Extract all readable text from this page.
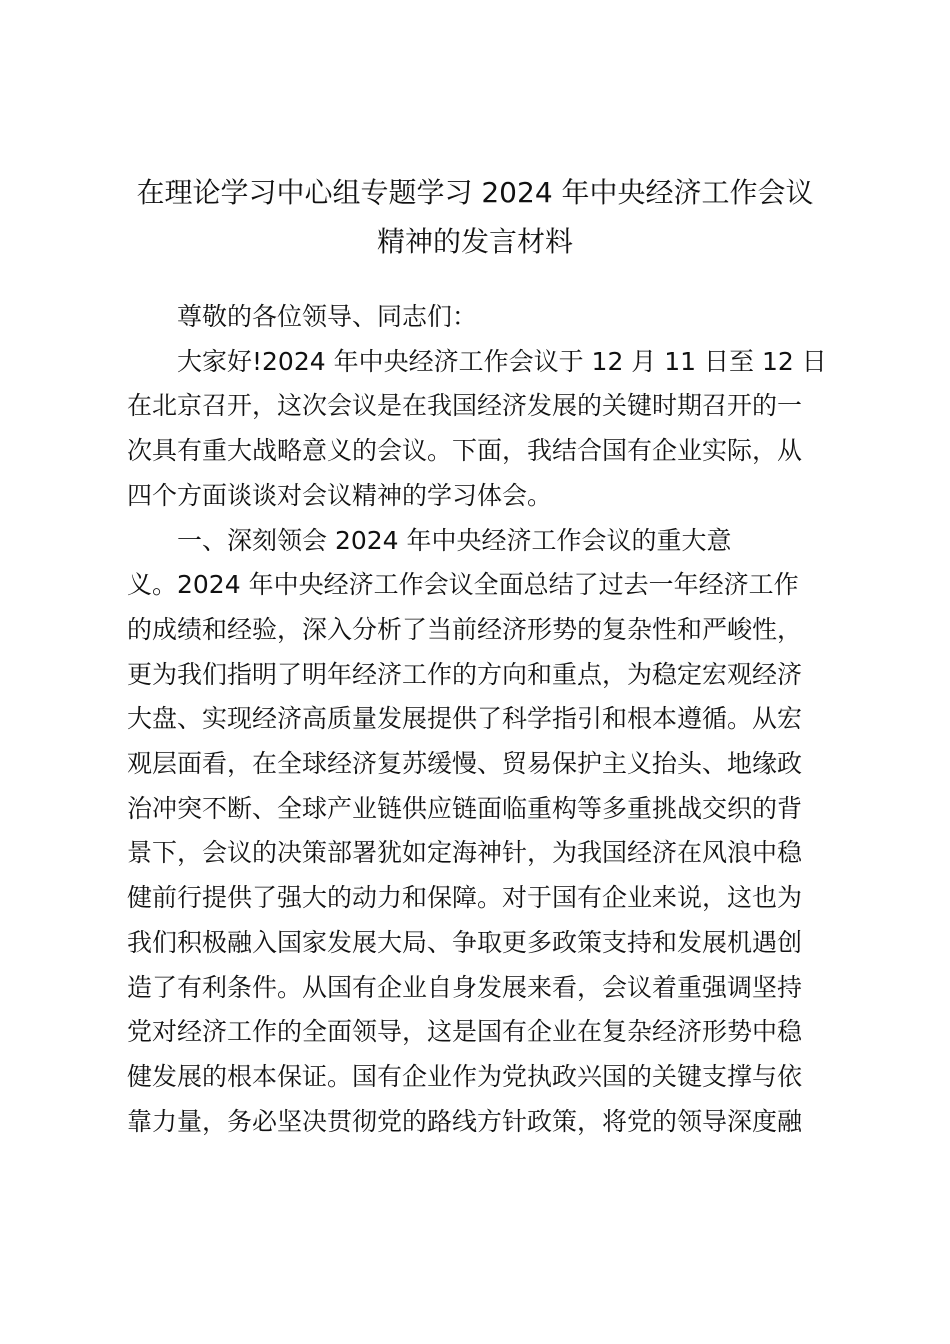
在理论学习中心组专题学习 2024 年中央经济工作会议
精神的发言材料
尊敬的各位领导、同志们：
大家好!2024 年中央经济工作会议于 12 月 11 日至 12 日
在北京召开，这次会议是在我国经济发展的关键时期召开的一
次具有重大战略意义的会议。下面，我结合国有企业实际，从
四个方面谈谈对会议精神的学习体会。
一、深刻领会 2024 年中央经济工作会议的重大意
义。2024 年中央经济工作会议全面总结了过去一年经济工作
的成绩和经验，深入分析了当前经济形势的复杂性和严峻性，
更为我们指明了明年经济工作的方向和重点，为稳定宏观经济
大盘、实现经济高质量发展提供了科学指引和根本遵循。从宏
观层面看，在全球经济复苏缓慢、贸易保护主义抬头、地缘政
治冲突不断、全球产业链供应链面临重构等多重挑战交织的背
景下，会议的决策部署犹如定海神针，为我国经济在风浪中稳
健前行提供了强大的动力和保障。对于国有企业来说，这也为
我们积极融入国家发展大局、争取更多政策支持和发展机遇创
造了有利条件。从国有企业自身发展来看，会议着重强调坚持
党对经济工作的全面领导，这是国有企业在复杂经济形势中稳
健发展的根本保证。国有企业作为党执政兴国的关键支撑与依
靠力量，务必坚决贯彻党的路线方针政策，将党的领导深度融
